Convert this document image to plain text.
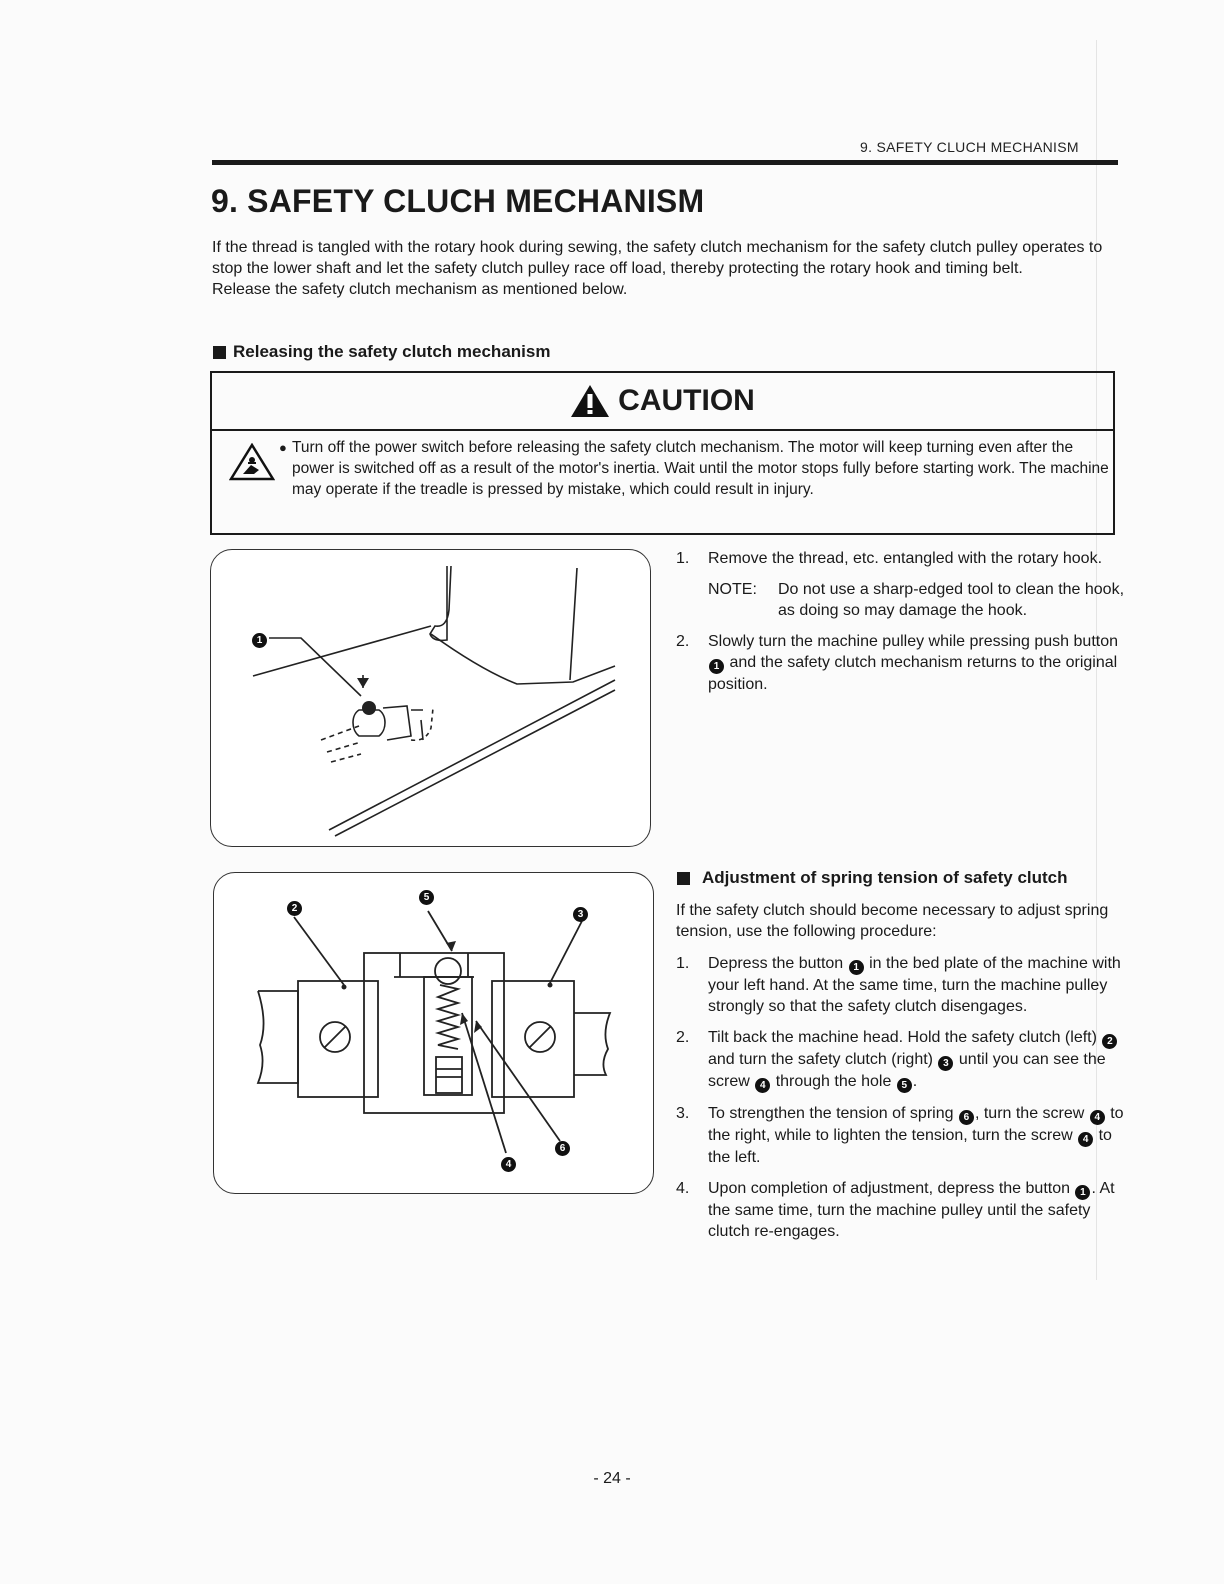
9. SAFETY CLUCH MECHANISM
9. SAFETY CLUCH MECHANISM

If the thread is tangled with the rotary hook during sewing, the safety clutch mechanism for the safety clutch pulley operates to stop the lower shaft and let the safety clutch pulley race off load, thereby protecting the rotary hook and timing belt.

Release the safety clutch mechanism as mentioned below.

Releasing the safety clutch mechanism
CAUTION
● Turn off the power switch before releasing the safety clutch mechanism. The motor will keep turning even after the power is switched off as a result of the motor's inertia. Wait until the motor stops fully before starting work. The machine may operate if the treadle is pressed by mistake, which could result in injury.
1
2
5
3
4
6
1. Remove the thread, etc. entangled with the rotary hook.
NOTE:	Do not use a sharp-edged tool to clean the hook, as doing so may damage the hook.
2. Slowly turn the machine pulley while pressing push button 1 and the safety clutch mechanism returns to the original position.
Adjustment of spring tension of safety clutch

If the safety clutch should become necessary to adjust spring tension, use the following procedure:

1. Depress the button 1 in the bed plate of the machine with your left hand. At the same time, turn the machine pulley strongly so that the safety clutch disengages.
2. Tilt back the machine head. Hold the safety clutch (left) 2 and turn the safety clutch (right) 3 until you can see the screw 4 through the hole 5 .
3. To strengthen the tension of spring 6 , turn the screw 4 to the right, while to lighten the tension, turn the screw 4 to the left.
4. Upon completion of adjustment, depress the button 1 . At the same time, turn the machine pulley until the safety clutch re-engages.
- 24 -
